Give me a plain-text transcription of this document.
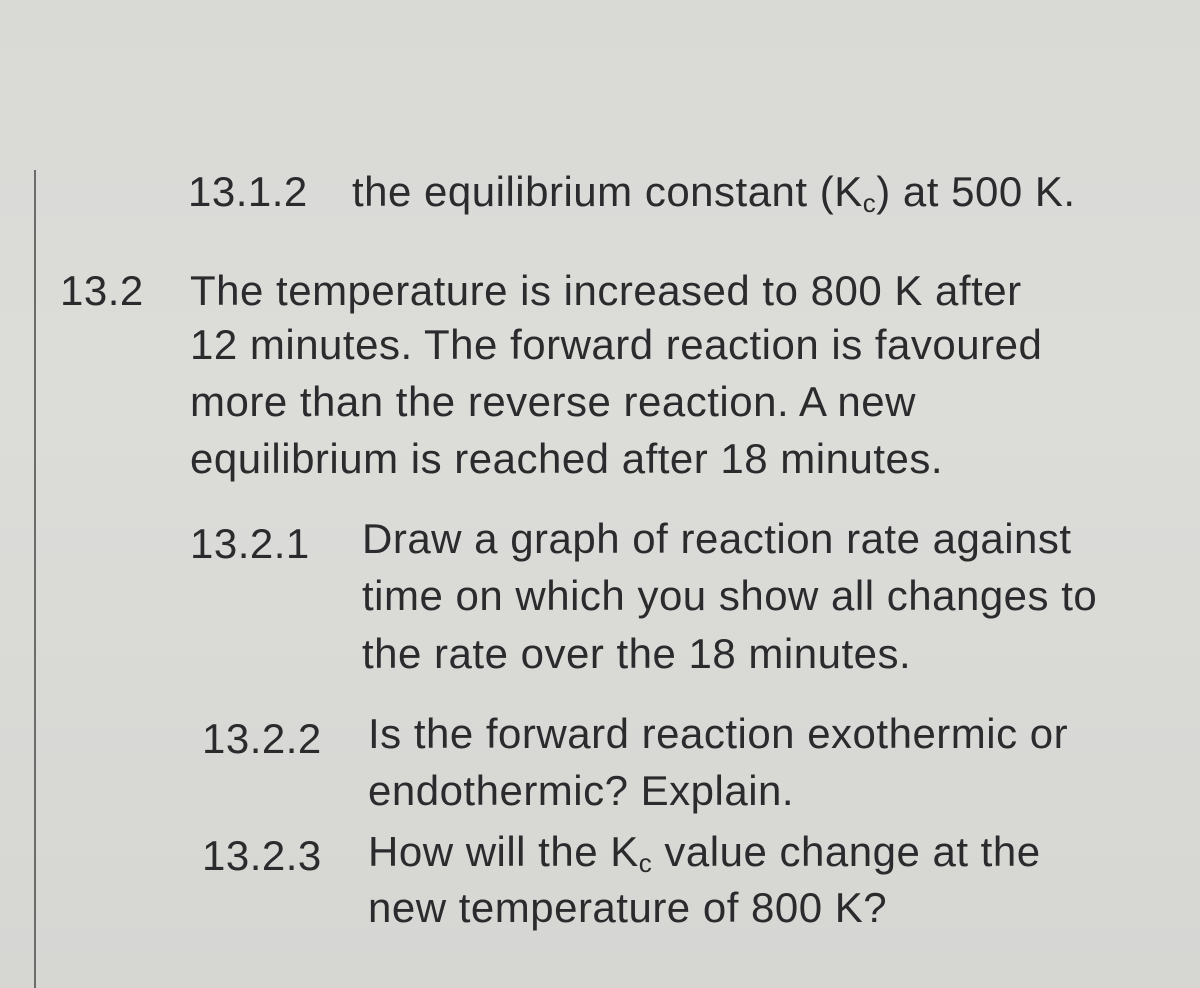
13.1.2 the equilibrium constant $(K_c)$ at 500 K.
13.2 The temperature is increased to 800 K after
12 minutes. The forward reaction is favoured
more than the reverse reaction. A new
equilibrium is reached after 18 minutes.
13.2.1 Draw a graph of reaction rate against
time on which you show all changes to
the rate over the 18 minutes.
13.2.2 Is the forward reaction exothermic or
endothermic? Explain.
13.2.3 How will the $K_c$ value change at the
new temperature of 800 K?
